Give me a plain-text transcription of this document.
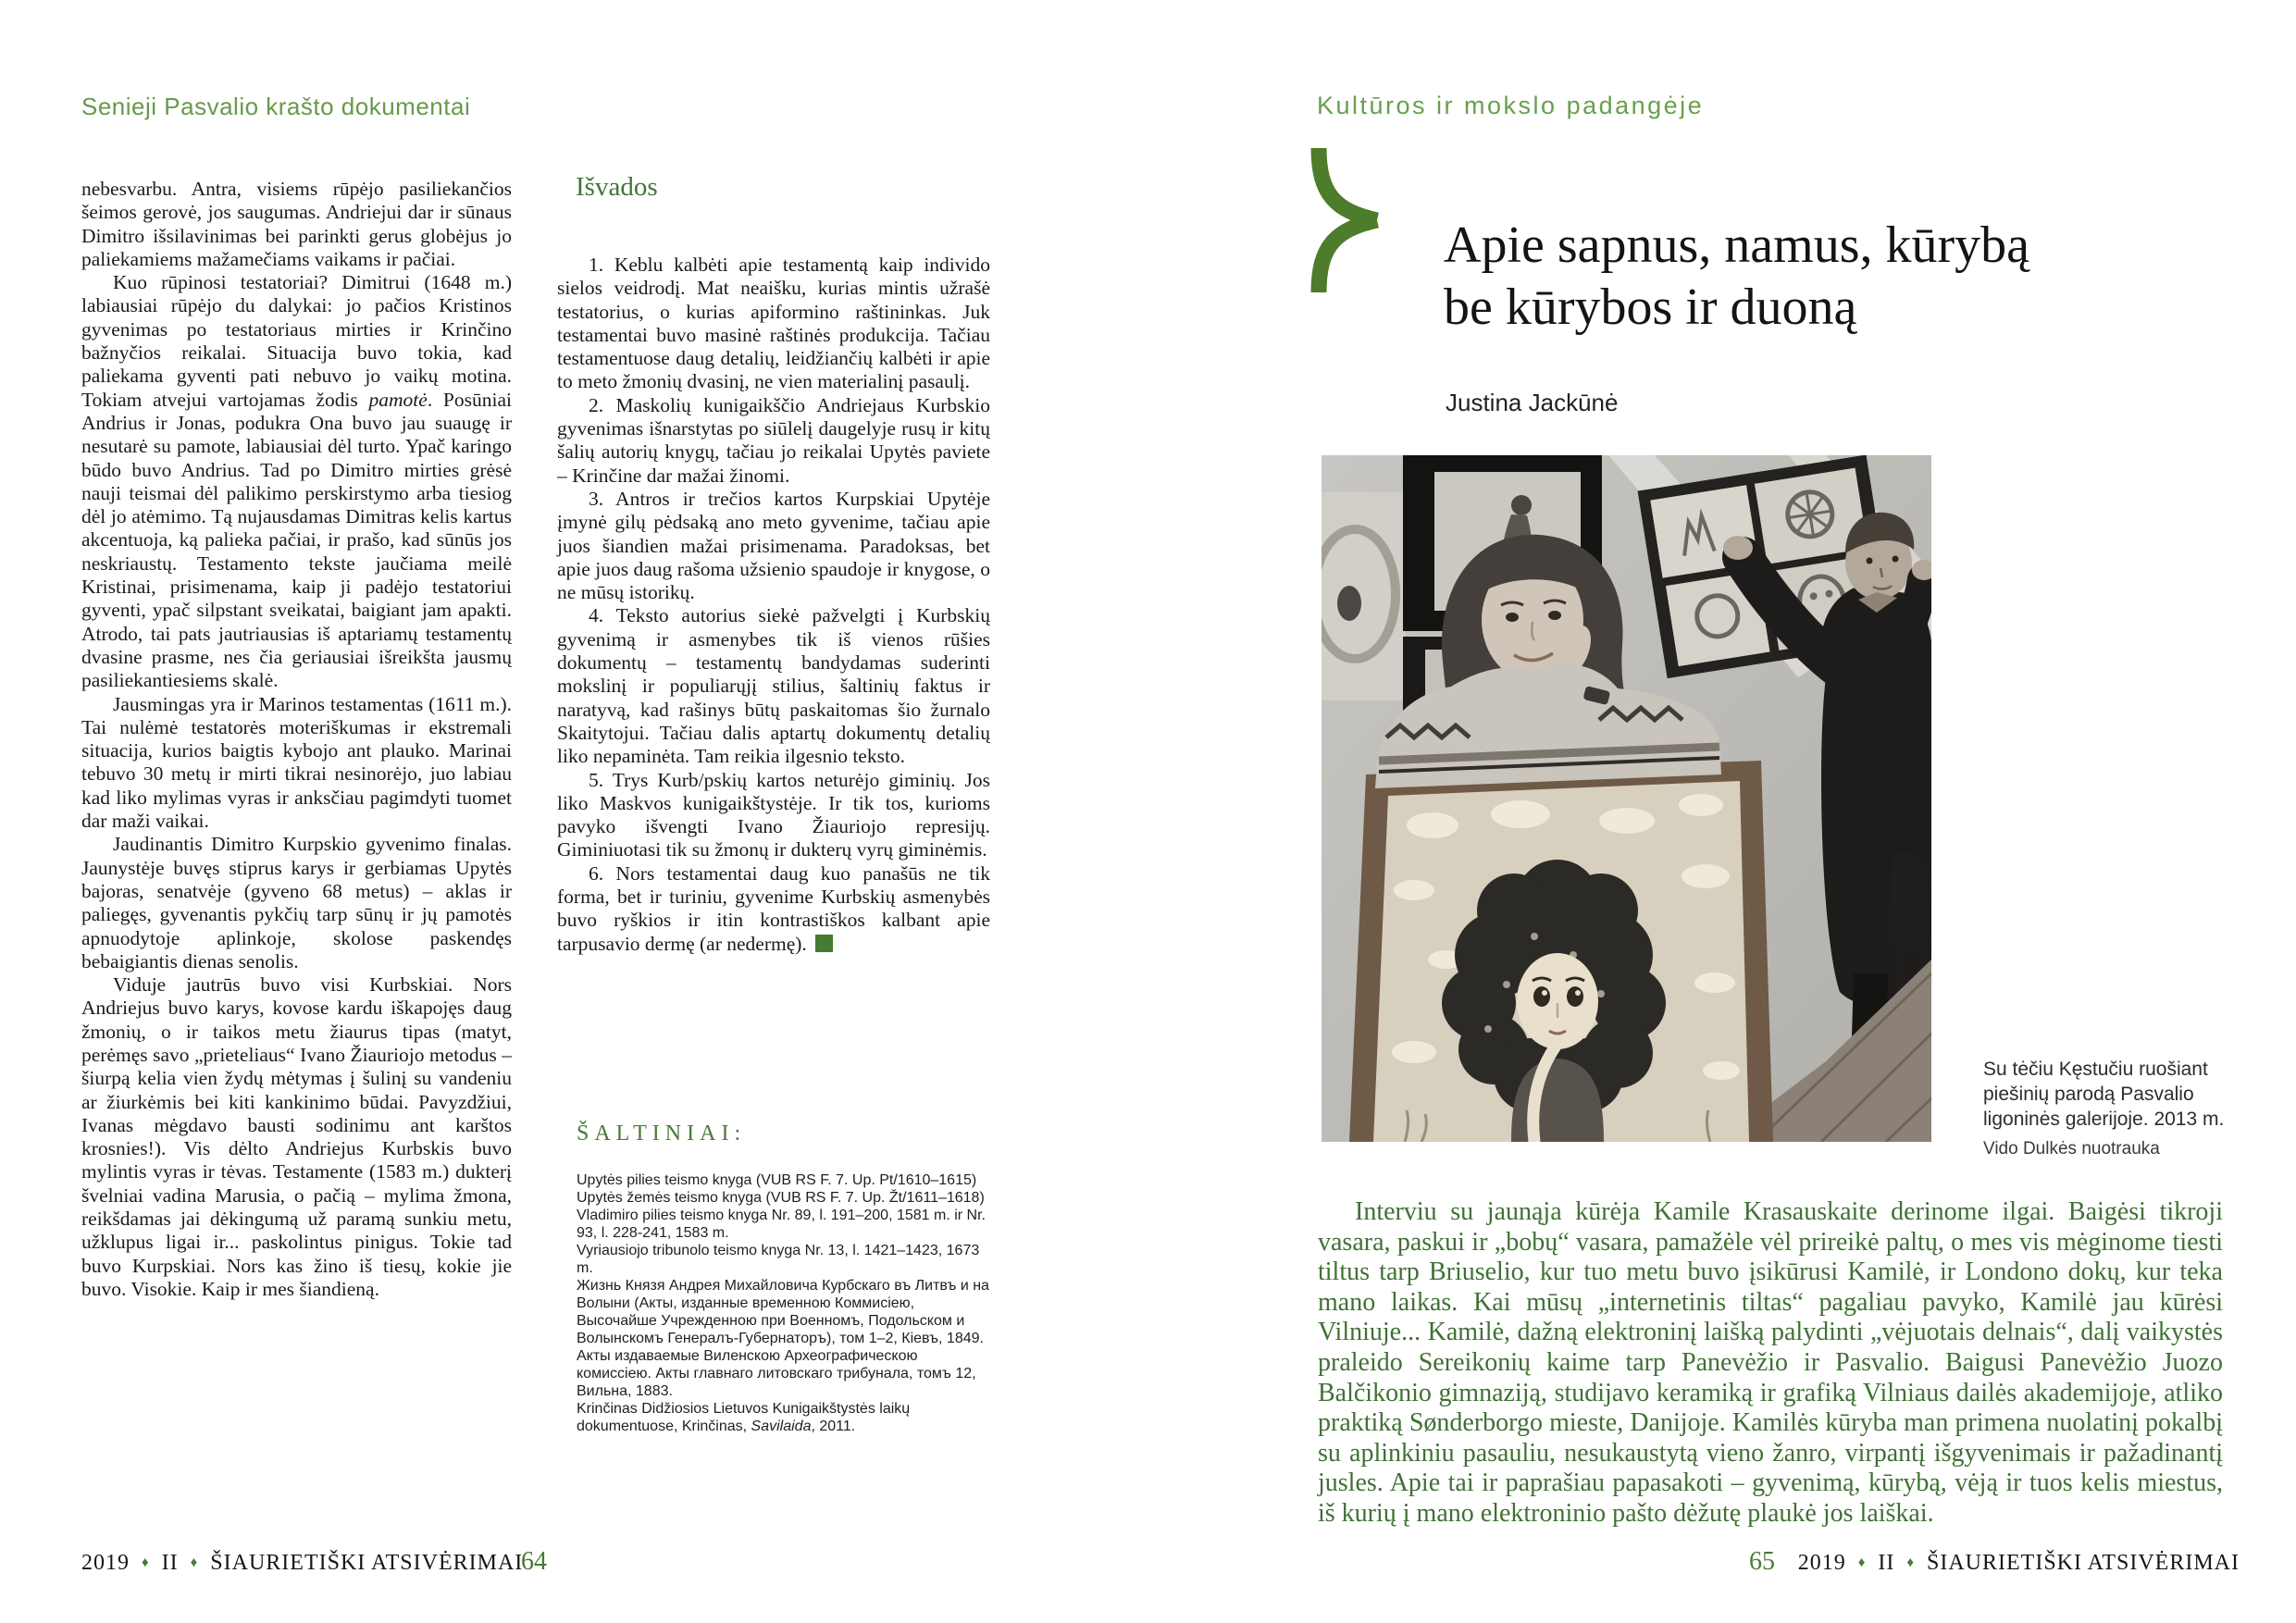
Senieji Pasvalio krašto dokumentai

nebesvarbu. Antra, visiems rūpėjo pasiliekančios šeimos gerovė, jos saugumas. Andriejui dar ir sūnaus Dimitro išsilavinimas bei parinkti gerus globėjus jo paliekamiems mažamečiams vaikams ir pačiai.

Kuo rūpinosi testatoriai? Dimitrui (1648 m.) labiausiai rūpėjo du dalykai: jo pačios Kristinos gyvenimas po testatoriaus mirties ir Krinčino bažnyčios reikalai. Situacija buvo tokia, kad paliekama gyventi pati nebuvo jo vaikų motina. Tokiam atvejui vartojamas žodis pamotė. Posūniai Andrius ir Jonas, podukra Ona buvo jau suaugę ir nesutarė su pamote, labiausiai dėl turto. Ypač karingo būdo buvo Andrius. Tad po Dimitro mirties grėsė nauji teismai dėl palikimo perskirstymo arba tiesiog dėl jo atėmimo. Tą nujausdamas Dimitras kelis kartus akcentuoja, ką palieka pačiai, ir prašo, kad sūnūs jos neskriaustų. Testamento tekste jaučiama meilė Kristinai, prisimenama, kaip ji padėjo testatoriui gyventi, ypač silpstant sveikatai, baigiant jam apakti. Atrodo, tai pats jautriausias iš aptariamų testamentų dvasine prasme, nes čia geriausiai išreikšta jausmų pasiliekantiesiems skalė.

Jausmingas yra ir Marinos testamentas (1611 m.). Tai nulėmė testatorės moteriškumas ir ekstremali situacija, kurios baigtis kybojo ant plauko. Marinai tebuvo 30 metų ir mirti tikrai nesinorėjo, juo labiau kad liko mylimas vyras ir anksčiau pagimdyti tuomet dar maži vaikai.

Jaudinantis Dimitro Kurpskio gyvenimo finalas. Jaunystėje buvęs stiprus karys ir gerbiamas Upytės bajoras, senatvėje (gyveno 68 metus) – aklas ir paliegęs, gyvenantis pykčių tarp sūnų ir jų pamotės apnuodytoje aplinkoje, skolose paskendęs bebaigiantis dienas senolis.

Viduje jautrūs buvo visi Kurbskiai. Nors Andriejus buvo karys, kovose kardu iškapojęs daug žmonių, o ir taikos metu žiaurus tipas (matyt, perėmęs savo „prieteliaus“ Ivano Žiauriojo metodus – šiurpą kelia vien žydų mėtymas į šulinį su vandeniu ar žiurkėmis bei kiti kankinimo būdai. Pavyzdžiui, Ivanas mėgdavo bausti sodinimu ant karštos krosnies!). Vis dėlto Andriejus Kurbskis buvo mylintis vyras ir tėvas. Testamente (1583 m.) dukterį švelniai vadina Marusia, o pačią – mylima žmona, reikšdamas jai dėkingumą už paramą sunkiu metu, užklupus ligai ir... paskolintus pinigus. Tokie tad buvo Kurpskiai. Nors kas žino iš tiesų, kokie jie buvo. Visokie. Kaip ir mes šiandieną.

Išvados

1. Keblu kalbėti apie testamentą kaip individo sielos veidrodį. Mat neaišku, kurias mintis užrašė testatorius, o kurias apiformino raštininkas. Juk testamentai buvo masinė raštinės produkcija. Tačiau testamentuose daug detalių, leidžiančių kalbėti ir apie to meto žmonių dvasinį, ne vien materialinį pasaulį.

2. Maskolių kunigaikščio Andriejaus Kurbskio gyvenimas išnarstytas po siūlelį daugelyje rusų ir kitų šalių autorių knygų, tačiau jo reikalai Upytės paviete – Krinčine dar mažai žinomi.

3. Antros ir trečios kartos Kurpskiai Upytėje įmynė gilų pėdsaką ano meto gyvenime, tačiau apie juos šiandien mažai prisimenama. Paradoksas, bet apie juos daug rašoma užsienio spaudoje ir knygose, o ne mūsų istorikų.

4. Teksto autorius siekė pažvelgti į Kurbskių gyvenimą ir asmenybes tik iš vienos rūšies dokumentų – testamentų bandydamas suderinti mokslinį ir populiarųjį stilius, šaltinių faktus ir naratyvą, kad rašinys būtų paskaitomas šio žurnalo Skaitytojui. Tačiau dalis aptartų dokumentų detalių liko nepaminėta. Tam reikia ilgesnio teksto.

5. Trys Kurb/pskių kartos neturėjo giminių. Jos liko Maskvos kunigaikštystėje. Ir tik tos, kurioms pavyko išvengti Ivano Žiauriojo represijų. Giminiuotasi tik su žmonų ir dukterų vyrų giminėmis.

6. Nors testamentai daug kuo panašūs ne tik forma, bet ir turiniu, gyvenime Kurbskių asmenybės buvo ryškios ir itin kontrastiškos kalbant apie tarpusavio dermę (ar nedermę).

ŠALTINIAI:
Upytės pilies teismo knyga (VUB RS F. 7. Up. Pt/1610–1615)
Upytės žemės teismo knyga (VUB RS F. 7. Up. Žt/1611–1618)
Vladimiro pilies teismo knyga Nr. 89, l. 191–200, 1581 m. ir Nr. 93, l. 228-241, 1583 m.
Vyriausiojo tribunolo teismo knyga Nr. 13, l. 1421–1423, 1673 m.
Жизнь Князя Андрея Михайловича Курбскаго въ Литвъ и на Волыни (Акты, изданные временною Коммисіею, Высочайше Учрежденною при Военномъ, Подольском и Волынскомъ Генералъ-Губернаторъ), том 1–2, Кіевъ, 1849.
Акты издаваемые Виленскою Археографическою комиссіею. Акты главнаго литовскаго трибунала, томъ 12, Вильна, 1883.
Krinčinas Didžiosios Lietuvos Kunigaikštystės laikų dokumentuose, Krinčinas, Savilaida, 2011.
2019 ♦ II ♦ ŠIAURIETIŠKI ATSIVĖRIMAI
64
Kultūros ir mokslo padangėje
Apie sapnus, namus, kūrybą
be kūrybos ir duoną
Justina Jackūnė
Su tėčiu Kęstučiu ruošiant piešinių parodą Pasvalio ligoninės galerijoje. 2013 m.
Vido Dulkės nuotrauka
Interviu su jaunąja kūrėja Kamile Krasauskaite derinome ilgai. Baigėsi tikroji vasara, paskui ir „bobų“ vasara, pamažėle vėl prireikė paltų, o mes vis mėginome tiesti tiltus tarp Briuselio, kur tuo metu buvo įsikūrusi Kamilė, ir Londono dokų, kur teka mano laikas. Kai mūsų „internetinis tiltas“ pagaliau pavyko, Kamilė jau kūrėsi Vilniuje... Kamilė, dažną elektroninį laišką palydinti „vėjuotais delnais“, dalį vaikystės praleido Sereikonių kaime tarp Panevėžio ir Pasvalio. Baigusi Panevėžio Juozo Balčikonio gimnaziją, studijavo keramiką ir grafiką Vilniaus dailės akademijoje, atliko praktiką Sønderborgo mieste, Danijoje. Kamilės kūryba man primena nuolatinį pokalbį su aplinkiniu pasauliu, nesukaustytą vieno žanro, virpantį išgyvenimais ir pažadinantį jusles. Apie tai ir paprašiau papasakoti – gyvenimą, kūrybą, vėją ir tuos kelis miestus, iš kurių į mano elektroninio pašto dėžutę plaukė jos laiškai.
65 2019 ♦ II ♦ ŠIAURIETIŠKI ATSIVĖRIMAI
